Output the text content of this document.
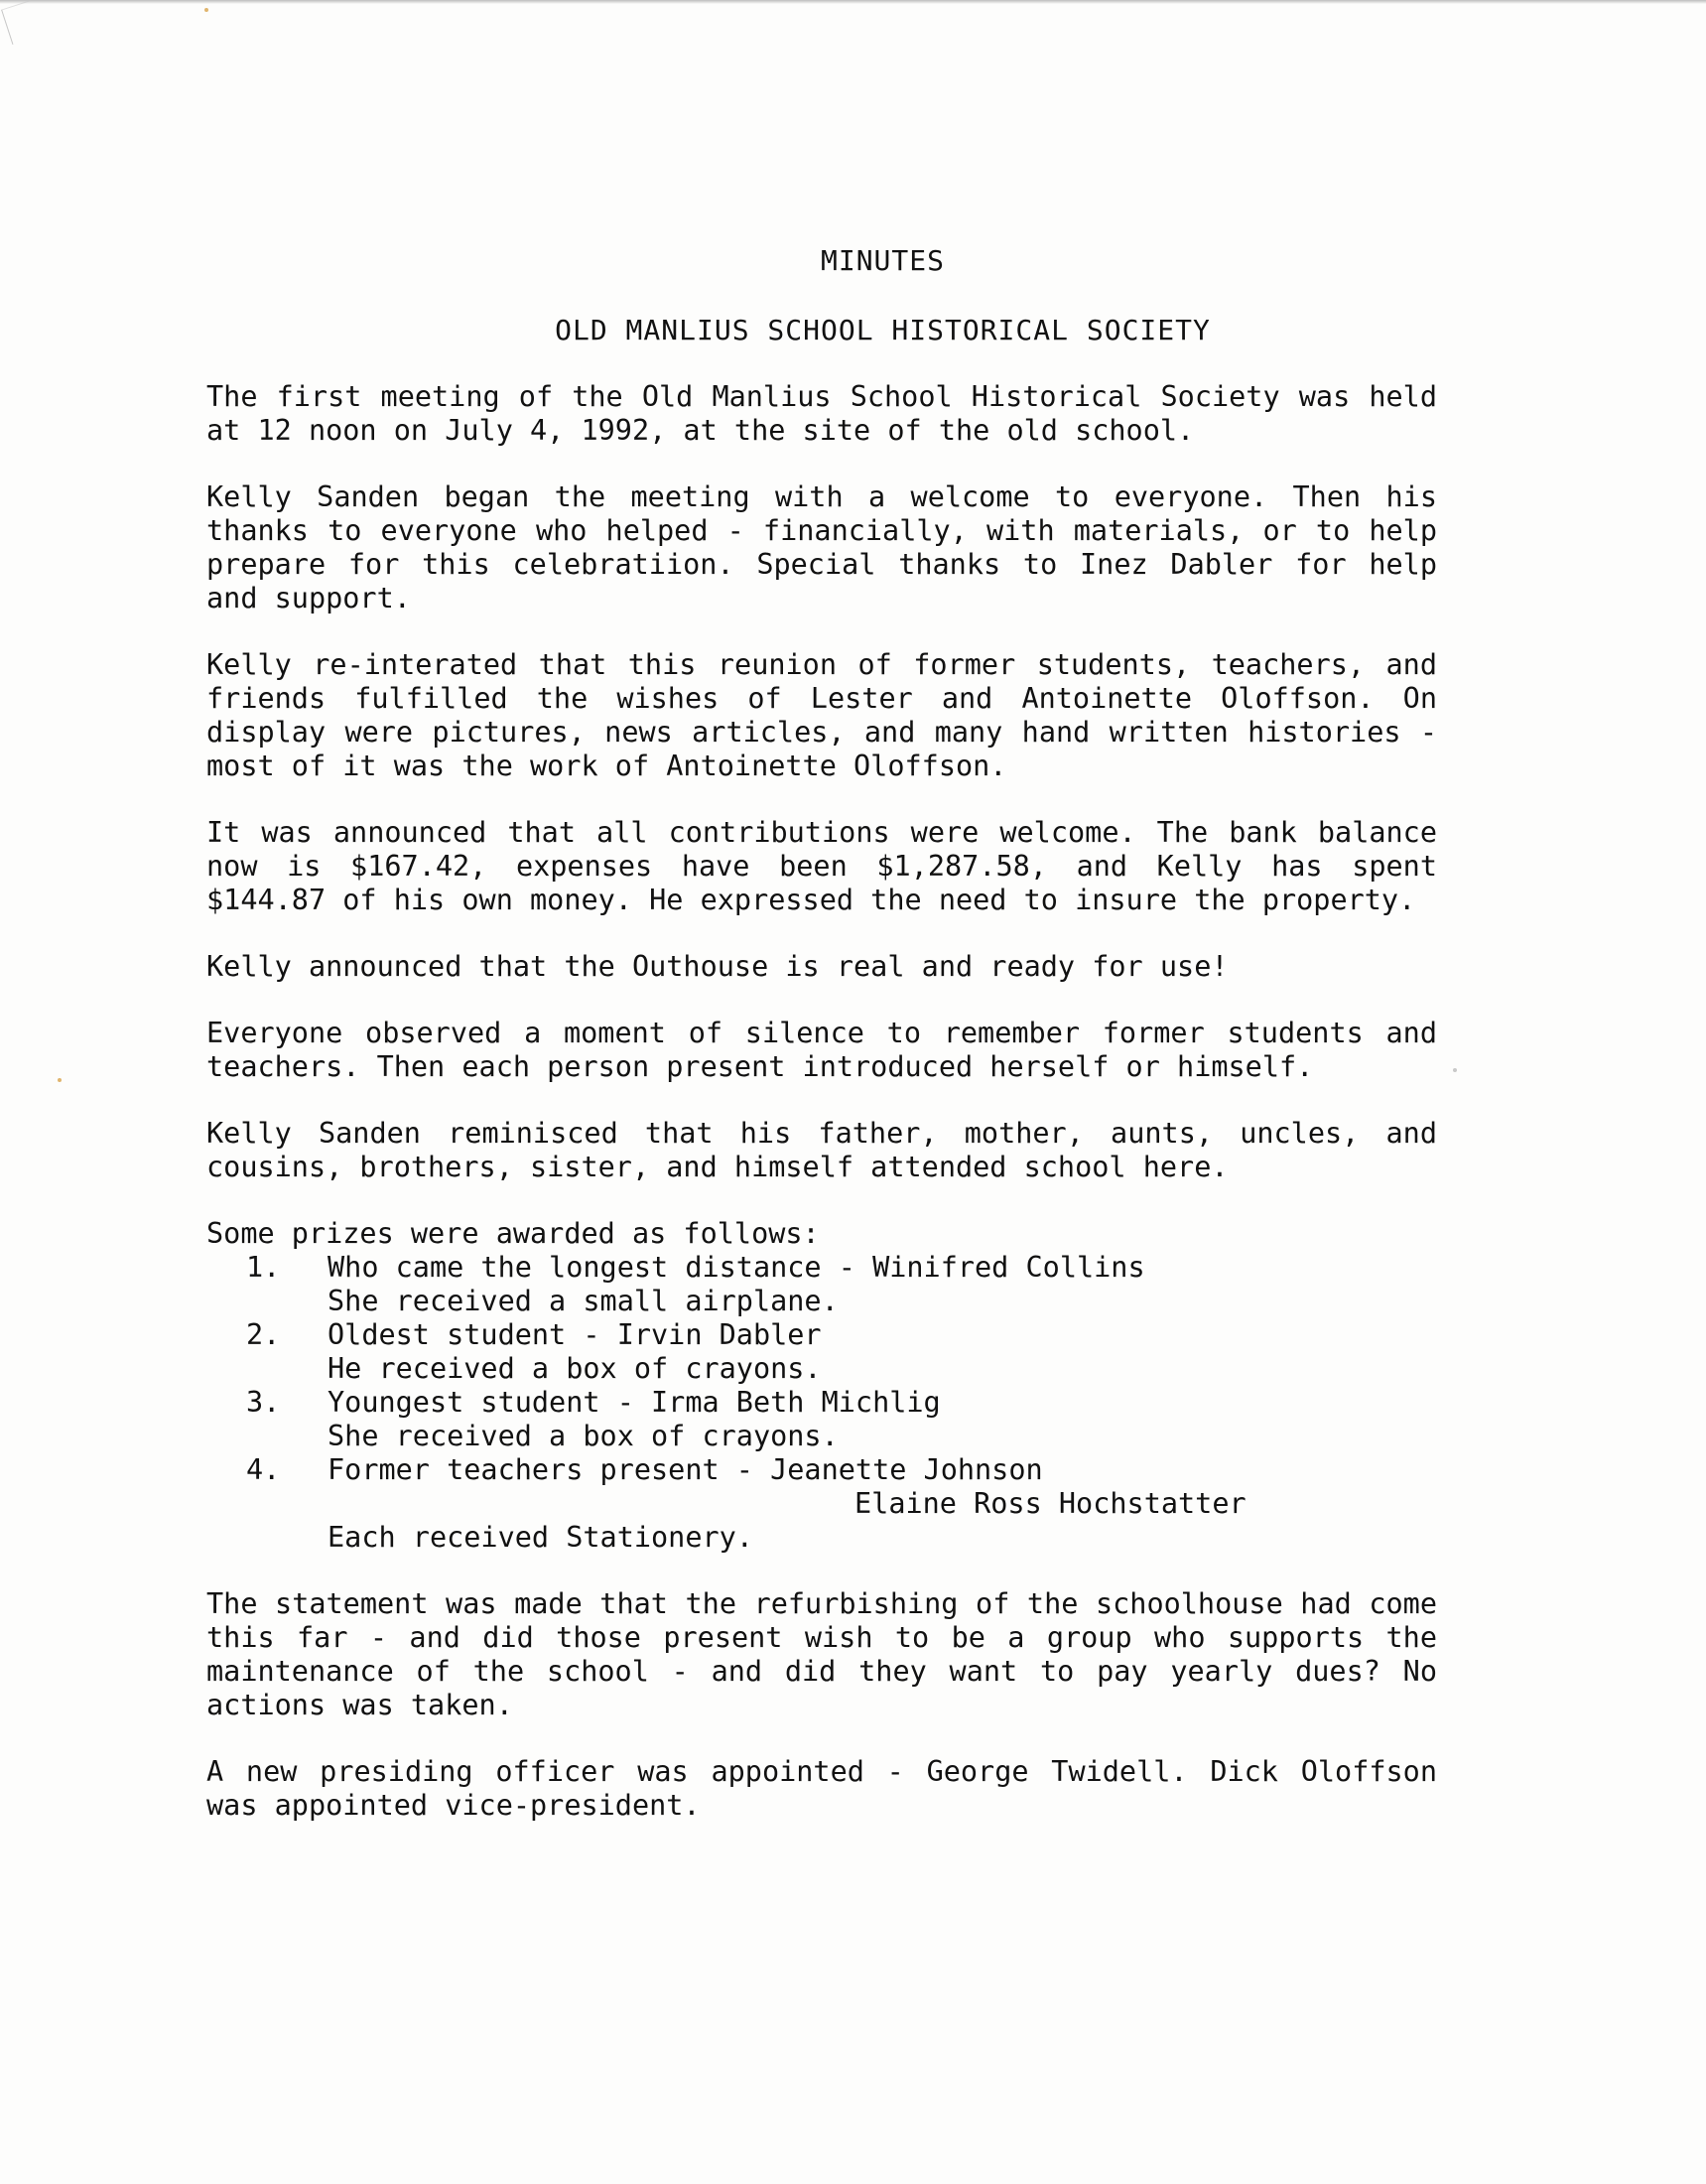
MINUTES
OLD MANLIUS SCHOOL HISTORICAL SOCIETY

The first meeting of the Old Manlius School Historical Society was held at 12 noon on July 4, 1992, at the site of the old school.

Kelly Sanden began the meeting with a welcome to everyone. Then his thanks to everyone who helped - financially, with materials, or to help prepare for this celebratiion. Special thanks to Inez Dabler for help and support.

Kelly re-interated that this reunion of former students, teachers, and friends fulfilled the wishes of Lester and Antoinette Oloffson. On display were pictures, news articles, and many hand written histories - most of it was the work of Antoinette Oloffson.

It was announced that all contributions were welcome. The bank balance now is $167.42, expenses have been $1,287.58, and Kelly has spent $144.87 of his own money. He expressed the need to insure the property.

Kelly announced that the Outhouse is real and ready for use!

Everyone observed a moment of silence to remember former students and teachers. Then each person present introduced herself or himself.

Kelly Sanden reminisced that his father, mother, aunts, uncles, and cousins, brothers, sister, and himself attended school here.

Some prizes were awarded as follows:

1. Who came the longest distance - Winifred Collins
She received a small airplane.
2. Oldest student - Irvin Dabler
He received a box of crayons.
3. Youngest student - Irma Beth Michlig
She received a box of crayons.
4. Former teachers present - Jeanette Johnson
Elaine Ross Hochstatter
Each received Stationery.

The statement was made that the refurbishing of the schoolhouse had come this far - and did those present wish to be a group who supports the maintenance of the school - and did they want to pay yearly dues? No actions was taken.

A new presiding officer was appointed - George Twidell. Dick Oloffson was appointed vice-president.
